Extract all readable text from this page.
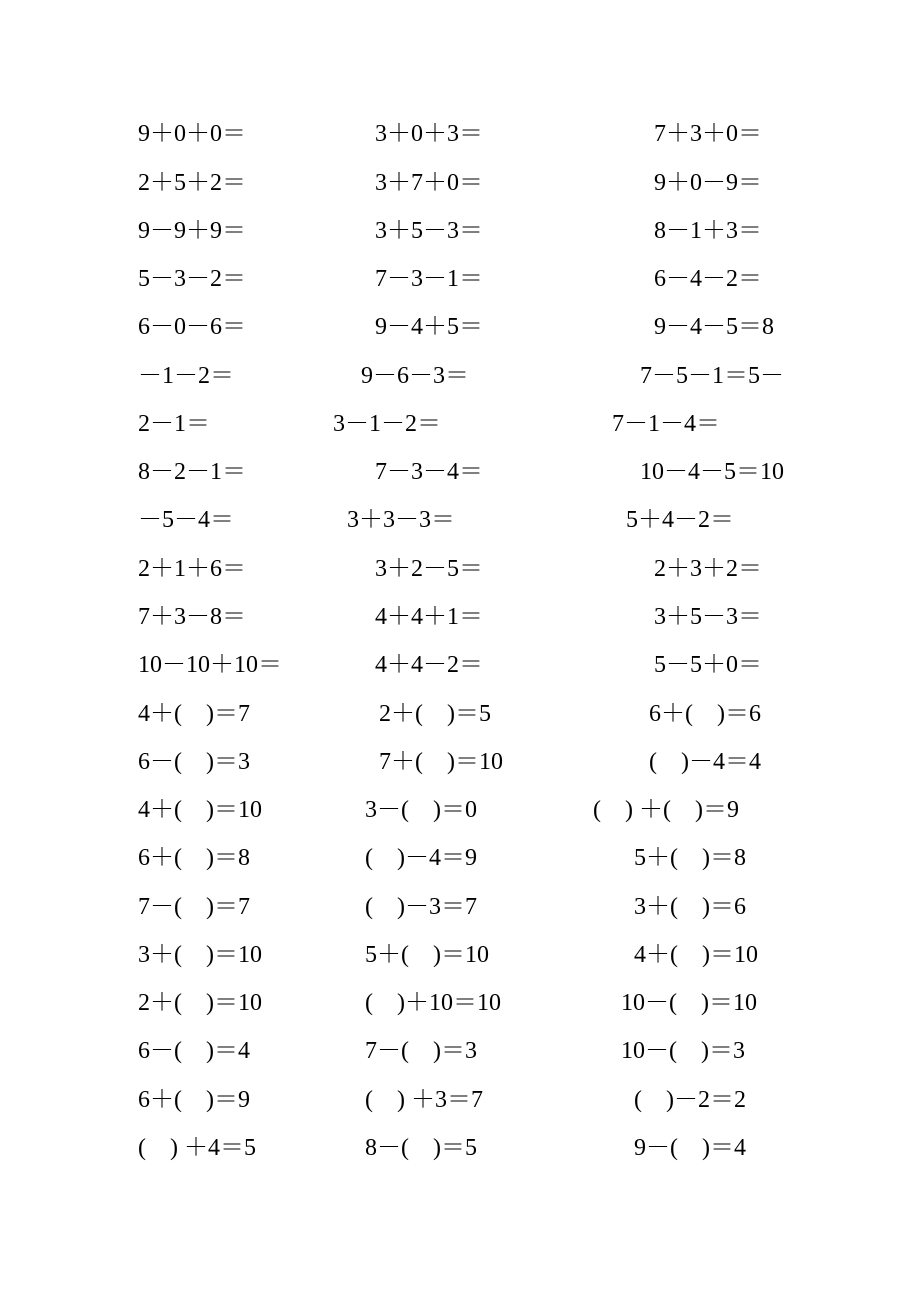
9＋0＋0＝	3＋0＋3＝	7＋3＋0＝
2＋5＋2＝	3＋7＋0＝	9＋0－9＝
9－9＋9＝	3＋5－3＝	8－1＋3＝
5－3－2＝	7－3－1＝	6－4－2＝
6－0－6＝	9－4＋5＝	9－4－5＝8
－1－2＝	9－6－3＝	7－5－1＝5－
2－1＝	3－1－2＝	7－1－4＝
8－2－1＝	7－3－4＝	10－4－5＝10
－5－4＝	3＋3－3＝	5＋4－2＝
2＋1＋6＝	3＋2－5＝	2＋3＋2＝
7＋3－8＝	4＋4＋1＝	3＋5－3＝
10－10＋10＝	4＋4－2＝	5－5＋0＝
4＋(　)＝7	2＋(　)＝5	6＋(　)＝6
6－(　)＝3	7＋(　)＝10	(　)－4＝4
4＋(　)＝10	3－(　)＝0	(　) ＋(　)＝9
6＋(　)＝8	(　)－4＝9	5＋(　)＝8
7－(　)＝7	(　)－3＝7	3＋(　)＝6
3＋(　)＝10	5＋(　)＝10	4＋(　)＝10
2＋(　)＝10	(　)＋10＝10	10－(　)＝10
6－(　)＝4	7－(　)＝3	10－(　)＝3
6＋(　)＝9	(　) ＋3＝7	(　)－2＝2
(　) ＋4＝5	8－(　)＝5	9－(　)＝4
